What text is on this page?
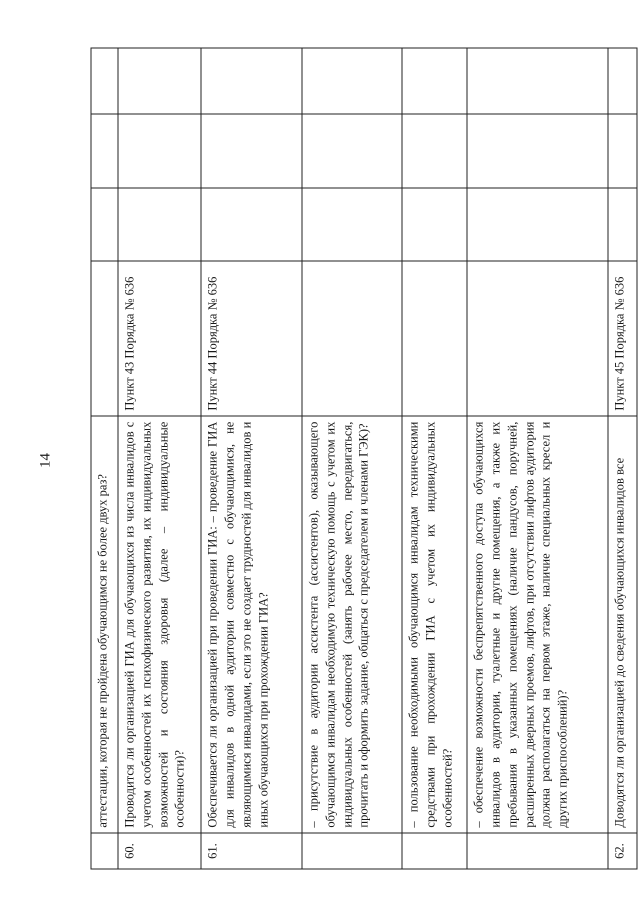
14
	аттестации, которая не пройдена обучающимся не более двух раз?				
60.	Проводится ли организацией ГИА для обучающихся из числа инвалидов с учетом особенностей их психофизического развития, их индивидуальных возможностей и состояния здоровья (далее – индивидуальные особенности)?	Пункт 43 Порядка № 636			
61.	Обеспечивается ли организацией при проведении ГИА: – проведение ГИА для инвалидов в одной аудитории совместно с обучающимися, не являющимися инвалидами, если это не создает трудностей для инвалидов и иных обучающихся при прохождении ГИА?	Пункт 44 Порядка № 636			
	– присутствие в аудитории ассистента (ассистентов), оказывающего обучающимся инвалидам необходимую техническую помощь с учетом их индивидуальных особенностей (занять рабочее место, передвигаться, прочитать и оформить задание, общаться с председателем и членами ГЭК)?				
	– пользование необходимыми обучающимся инвалидам техническими средствами при прохождении ГИА с учетом их индивидуальных особенностей?				
	– обеспечение возможности беспрепятственного доступа обучающихся инвалидов в аудитории, туалетные и другие помещения, а также их пребывания в указанных помещениях (наличие пандусов, поручней, расширенных дверных проемов, лифтов, при отсутствии лифтов аудитория должна располагаться на первом этаже, наличие специальных кресел и других приспособлений)?				
62.	Доводятся ли организацией до сведения обучающихся инвалидов все	Пункт 45 Порядка № 636			
